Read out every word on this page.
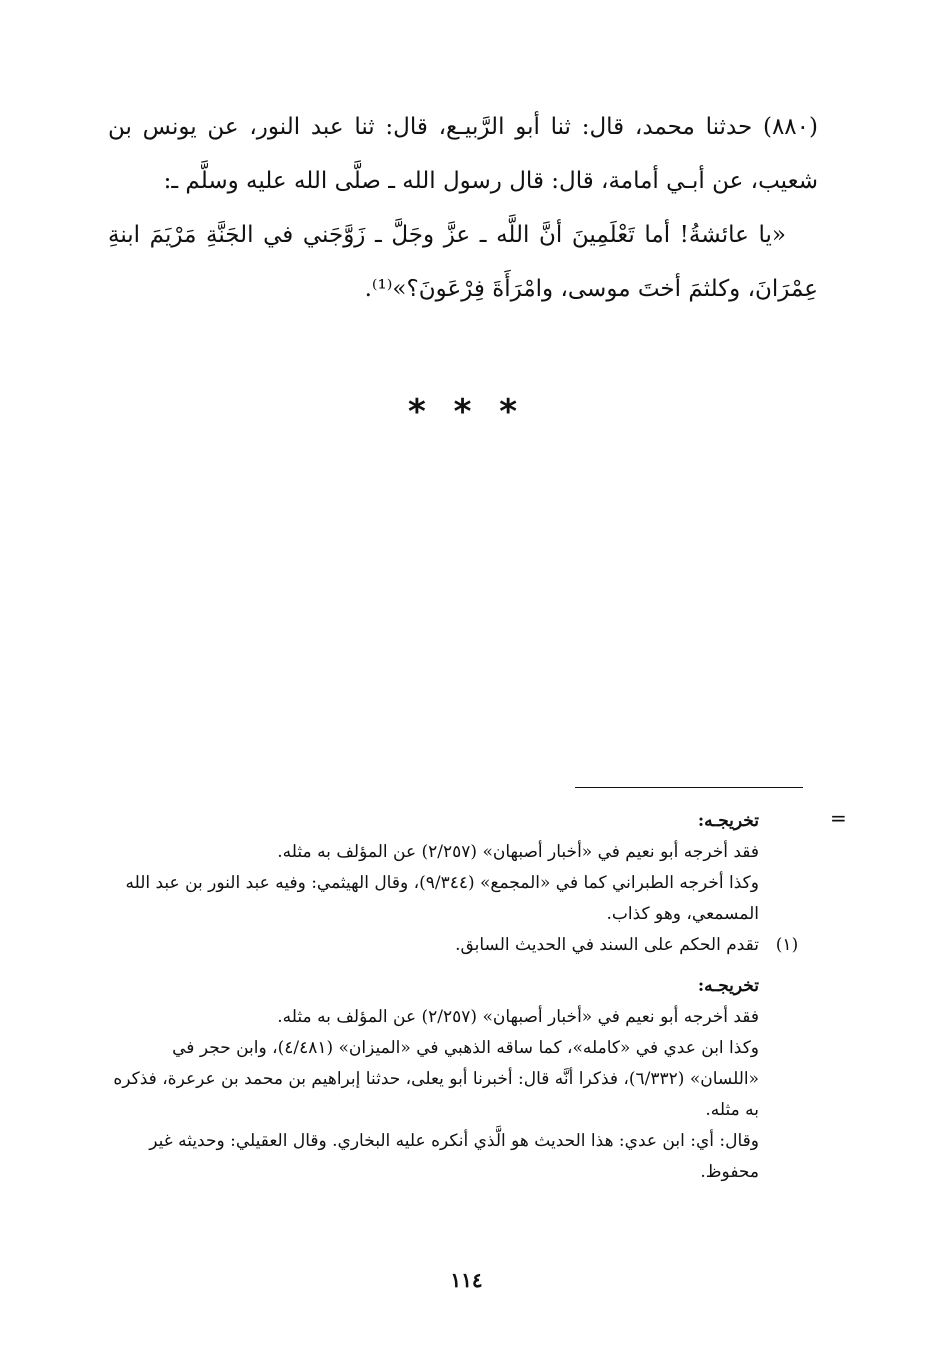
(٨٨٠) حدثنا محمد، قال: ثنا أبو الرَّبيـع، قال: ثنا عبد النور، عن يونس بن شعيب، عن أبـي أمامة، قال: قال رسول الله ـ صلَّى الله عليه وسلَّم ـ:

«يا عائشةُ! أما تَعْلَمِينَ أنَّ اللَّه ـ عزَّ وجَلَّ ـ زَوَّجَني في الجَنَّةِ مَرْيَمَ ابنةِ عِمْرَانَ، وكلثمَ أختَ موسى، وامْرَأَةَ فِرْعَونَ؟»⁽¹⁾.

* * *
=

تخريجـه:

فقد أخرجه أبو نعيم في «أخبار أصبهان» (٢/٢٥٧) عن المؤلف به مثله.

وكذا أخرجه الطبراني كما في «المجمع» (٩/٣٤٤)، وقال الهيثمي: وفيه عبد النور بن عبد الله المسمعي، وهو كذاب.

(١)

تقدم الحكم على السند في الحديث السابق.

تخريجـه:

فقد أخرجه أبو نعيم في «أخبار أصبهان» (٢/٢٥٧) عن المؤلف به مثله.

وكذا ابن عدي في «كامله»، كما ساقه الذهبي في «الميزان» (٤/٤٨١)، وابن حجر في «اللسان» (٦/٣٣٢)، فذكرا أنَّه قال: أخبرنا أبو يعلى، حدثنا إبراهيم بن محمد بن عرعرة، فذكره به مثله.

وقال: أي: ابن عدي: هذا الحديث هو الَّذي أنكره عليه البخاري. وقال العقيلي: وحديثه غير محفوظ.

١١٤
